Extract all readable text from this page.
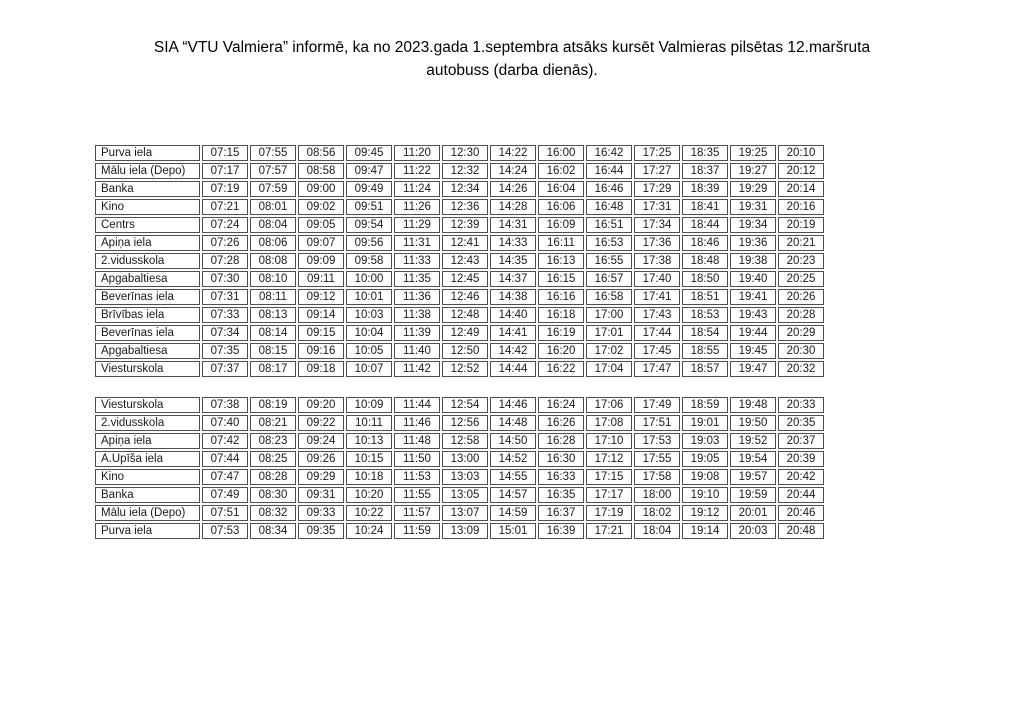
SIA “VTU Valmiera” informē, ka no 2023.gada 1.septembra atsāks kursēt Valmieras pilsētas 12.maršruta
autobuss (darba dienās).
Purva iela	07:15	07:55	08:56	09:45	11:20	12:30	14:22	16:00	16:42	17:25	18:35	19:25	20:10
Mālu iela (Depo)	07:17	07:57	08:58	09:47	11:22	12:32	14:24	16:02	16:44	17:27	18:37	19:27	20:12
Banka	07:19	07:59	09:00	09:49	11:24	12:34	14:26	16:04	16:46	17:29	18:39	19:29	20:14
Kino	07:21	08:01	09:02	09:51	11:26	12:36	14:28	16:06	16:48	17:31	18:41	19:31	20:16
Centrs	07:24	08:04	09:05	09:54	11:29	12:39	14:31	16:09	16:51	17:34	18:44	19:34	20:19
Apiņa iela	07:26	08:06	09:07	09:56	11:31	12:41	14:33	16:11	16:53	17:36	18:46	19:36	20:21
2.vidusskola	07:28	08:08	09:09	09:58	11:33	12:43	14:35	16:13	16:55	17:38	18:48	19:38	20:23
Apgabaltiesa	07:30	08:10	09:11	10:00	11:35	12:45	14:37	16:15	16:57	17:40	18:50	19:40	20:25
Beverīnas iela	07:31	08:11	09:12	10:01	11:36	12:46	14:38	16:16	16:58	17:41	18:51	19:41	20:26
Brīvības iela	07:33	08:13	09:14	10:03	11:38	12:48	14:40	16:18	17:00	17:43	18:53	19:43	20:28
Beverīnas iela	07:34	08:14	09:15	10:04	11:39	12:49	14:41	16:19	17:01	17:44	18:54	19:44	20:29
Apgabaltiesa	07:35	08:15	09:16	10:05	11:40	12:50	14:42	16:20	17:02	17:45	18:55	19:45	20:30
Viesturskola	07:37	08:17	09:18	10:07	11:42	12:52	14:44	16:22	17:04	17:47	18:57	19:47	20:32
Viesturskola	07:38	08:19	09:20	10:09	11:44	12:54	14:46	16:24	17:06	17:49	18:59	19:48	20:33
2.vidusskola	07:40	08:21	09:22	10:11	11:46	12:56	14:48	16:26	17:08	17:51	19:01	19:50	20:35
Apiņa iela	07:42	08:23	09:24	10:13	11:48	12:58	14:50	16:28	17:10	17:53	19:03	19:52	20:37
A.Upīša iela	07:44	08:25	09:26	10:15	11:50	13:00	14:52	16:30	17:12	17:55	19:05	19:54	20:39
Kino	07:47	08:28	09:29	10:18	11:53	13:03	14:55	16:33	17:15	17:58	19:08	19:57	20:42
Banka	07:49	08:30	09:31	10:20	11:55	13:05	14:57	16:35	17:17	18:00	19:10	19:59	20:44
Mālu iela (Depo)	07:51	08:32	09:33	10:22	11:57	13:07	14:59	16:37	17:19	18:02	19:12	20:01	20:46
Purva iela	07:53	08:34	09:35	10:24	11:59	13:09	15:01	16:39	17:21	18:04	19:14	20:03	20:48
